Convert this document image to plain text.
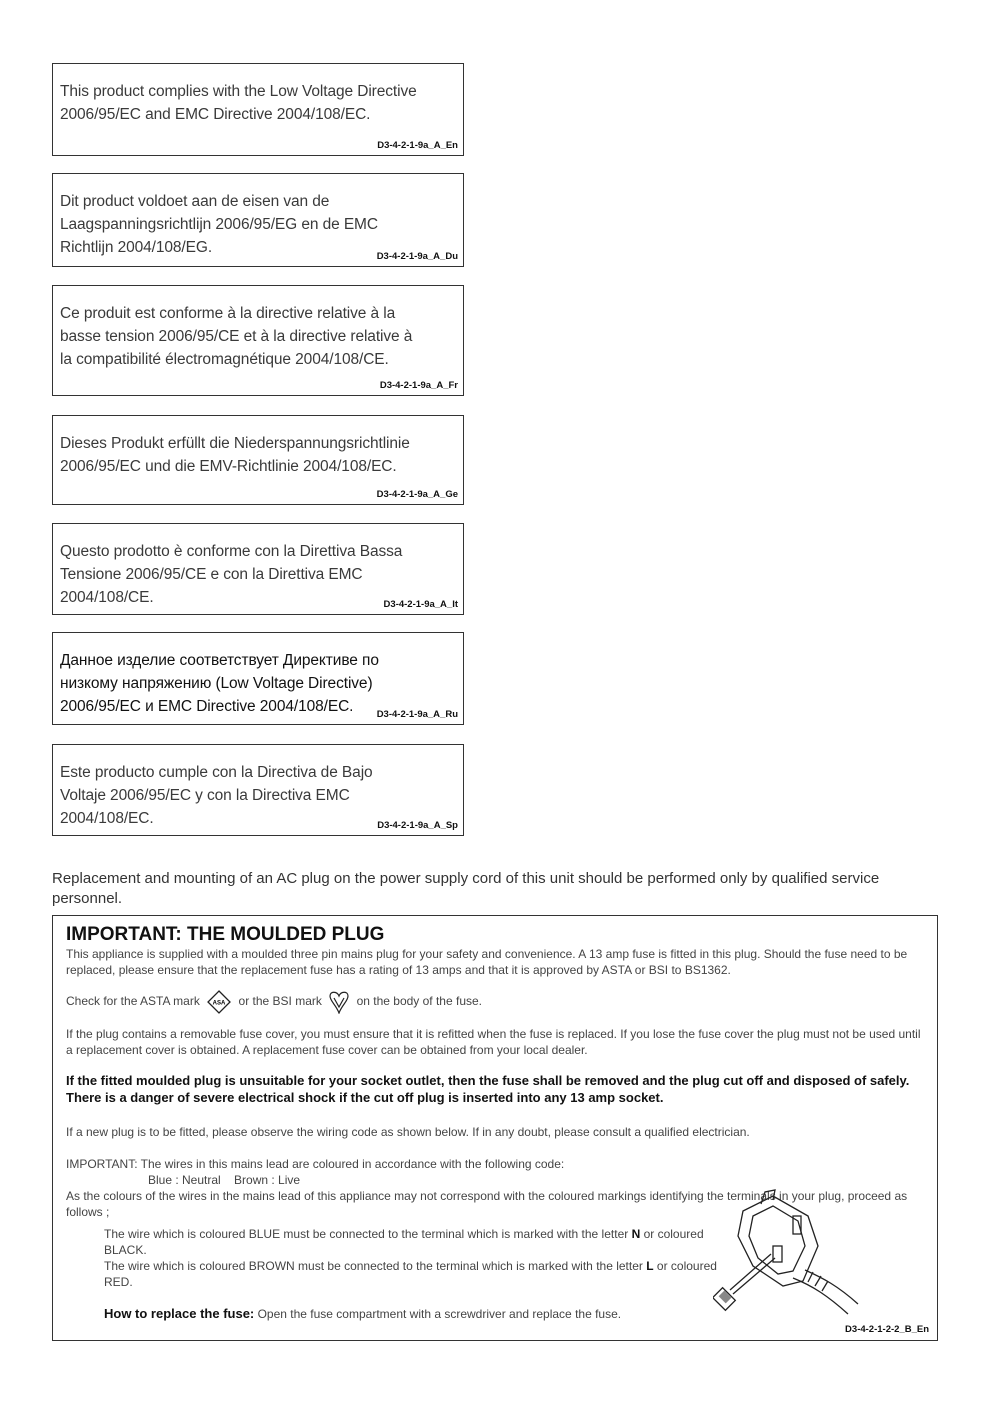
This product complies with the Low Voltage Directive

2006/95/EC and EMC Directive 2004/108/EC.

D3-4-2-1-9a_A_En

Dit product voldoet aan de eisen van de

Laagspanningsrichtlijn 2006/95/EG en de EMC

Richtlijn 2004/108/EG.

D3-4-2-1-9a_A_Du

Ce produit est conforme à la directive relative à la

basse tension 2006/95/CE et à la directive relative à

la compatibilité électromagnétique 2004/108/CE.

D3-4-2-1-9a_A_Fr

Dieses Produkt erfüllt die Niederspannungsrichtlinie

2006/95/EC und die EMV-Richtlinie 2004/108/EC.

D3-4-2-1-9a_A_Ge

Questo prodotto è conforme con la Direttiva Bassa

Tensione 2006/95/CE e con la Direttiva EMC

2004/108/CE.	D3-4-2-1-9a_A_It

Данное изделие соответствует Директиве по

низкому напряжению (Low Voltage Directive)

2006/95/EC и EMC Directive 2004/108/EC.	D3-4-2-1-9a_A_Ru

Este producto cumple con la Directiva de Bajo

Voltaje 2006/95/EC y con la Directiva EMC

2004/108/EC.	D3-4-2-1-9a_A_Sp

Replacement and mounting of an AC plug on the power supply cord of this unit should be performed only by qualified service personnel.

IMPORTANT: THE MOULDED PLUG

This appliance is supplied with a moulded three pin mains plug for your safety and convenience. A 13 amp fuse is fitted in this plug. Should the fuse need to be replaced, please ensure that the replacement fuse has a rating of 13 amps and that it is approved by ASTA or BSI to BS1362.

Check for the ASTA mark ASA or the BSI mark	on the body of the fuse.

If the plug contains a removable fuse cover, you must ensure that it is refitted when the fuse is replaced. If you lose the fuse cover the plug must not be used until a replacement cover is obtained. A replacement fuse cover can be obtained from your local dealer.

If the fitted moulded plug is unsuitable for your socket outlet, then the fuse shall be removed and the plug cut off and disposed of safely. There is a danger of severe electrical shock if the cut off plug is inserted into any 13 amp socket.

If a new plug is to be fitted, please observe the wiring code as shown below. If in any doubt, please consult a qualified electrician.

IMPORTANT: The wires in this mains lead are coloured in accordance with the following code:

Blue : Neutral    Brown : Live

As the colours of the wires in the mains lead of this appliance may not correspond with the coloured markings identifying the terminals in your plug, proceed as follows ;

The wire which is coloured BLUE must be connected to the terminal which is marked with the letter N or coloured BLACK.

The wire which is coloured BROWN must be connected to the terminal which is marked with the letter L or coloured RED.

How to replace the fuse: Open the fuse compartment with a screwdriver and replace the fuse.

D3-4-2-1-2-2_B_En
